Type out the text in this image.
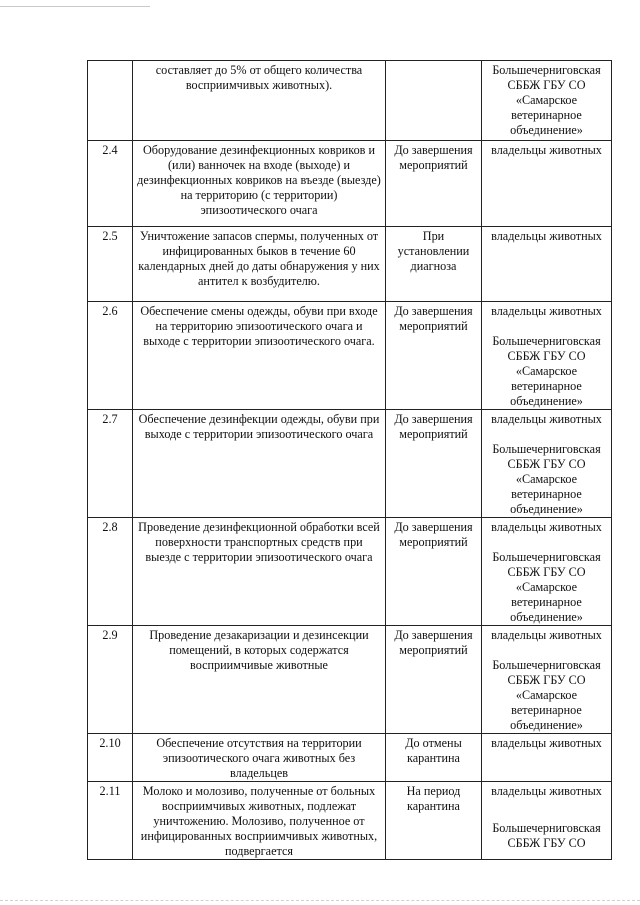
	составляет до 5% от общего количества восприимчивых животных).		Большечерниговская СББЖ ГБУ СО «Самарское ветеринарное объединение»

2.4	Оборудование дезинфекционных ковриков и (или) ванночек на входе (выходе) и дезинфекционных ковриков на въезде (выезде) на территорию (с территории) эпизоотического очага	До завершения мероприятий	владельцы животных

2.5	Уничтожение запасов спермы, полученных от инфицированных быков в течение 60 календарных дней до даты обнаружения у них антител к возбудителю.	При установлении диагноза	владельцы животных

2.6	Обеспечение смены одежды, обуви при входе на территорию эпизоотического очага и выходе с территории эпизоотического очага.	До завершения мероприятий	владельцы животных
Большечерниговская СББЖ ГБУ СО «Самарское ветеринарное объединение»

2.7	Обеспечение дезинфекции одежды, обуви при выходе с территории эпизоотического очага	До завершения мероприятий	владельцы животных
Большечерниговская СББЖ ГБУ СО «Самарское ветеринарное объединение»

2.8	Проведение дезинфекционной обработки всей поверхности транспортных средств при выезде с территории эпизоотического очага	До завершения мероприятий	владельцы животных
Большечерниговская СББЖ ГБУ СО «Самарское ветеринарное объединение»

2.9	Проведение дезакаризации и дезинсекции помещений, в которых содержатся восприимчивые животные	До завершения мероприятий	владельцы животных
Большечерниговская СББЖ ГБУ СО «Самарское ветеринарное объединение»

2.10	Обеспечение отсутствия на территории эпизоотического очага животных без владельцев	До отмены карантина	владельцы животных

2.11	Молоко и молозиво, полученные от больных восприимчивых животных, подлежат уничтожению. Молозиво, полученное от инфицированных восприимчивых животных, подвергается	На период карантина	владельцы животных
Большечерниговская СББЖ ГБУ СО
